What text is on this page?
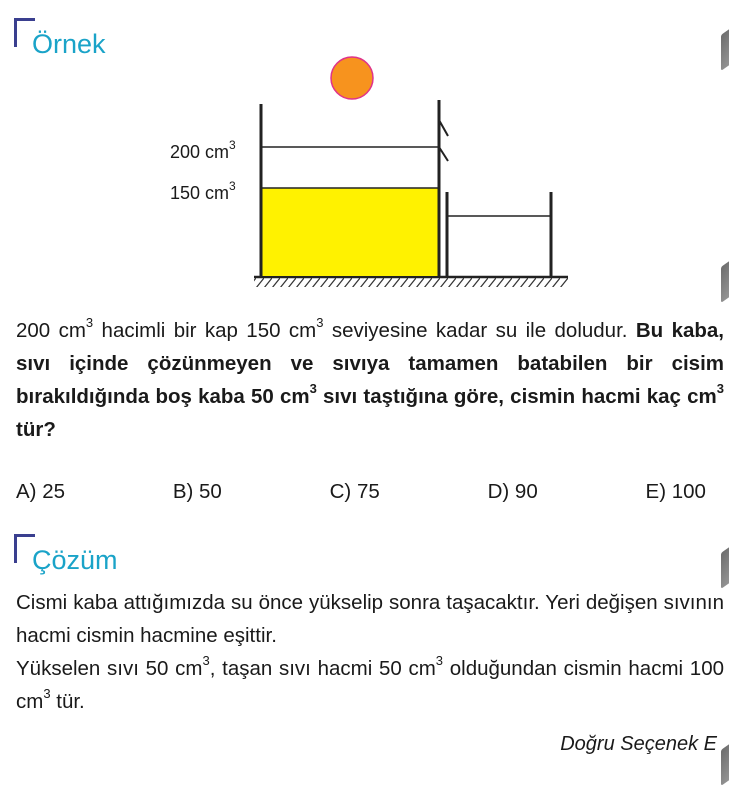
Örnek
200 $cm^3$
150 $cm^3$
200 $cm^3$ hacimli bir kap 150 $cm^3$ seviyesine kadar su ile doludur. Bu kaba, sıvı içinde çözünmeyen ve sıvıya tamamen batabilen bir cisim bırakıldığında boş kaba 50 $cm^3$ sıvı taştığına göre, cismin hacmi kaç $cm^3$ tür?
A) 25	B) 50	C) 75	D) 90	E) 100
Çözüm
Cismi kaba attığımızda su önce yükselip sonra taşacaktır. Yeri değişen sıvının hacmi cismin hacmine eşittir.
Yükselen sıvı 50 $cm^3$, taşan sıvı hacmi 50 $cm^3$ olduğundan cismin hacmi 100 $cm^3$ tür.
Doğru Seçenek E
